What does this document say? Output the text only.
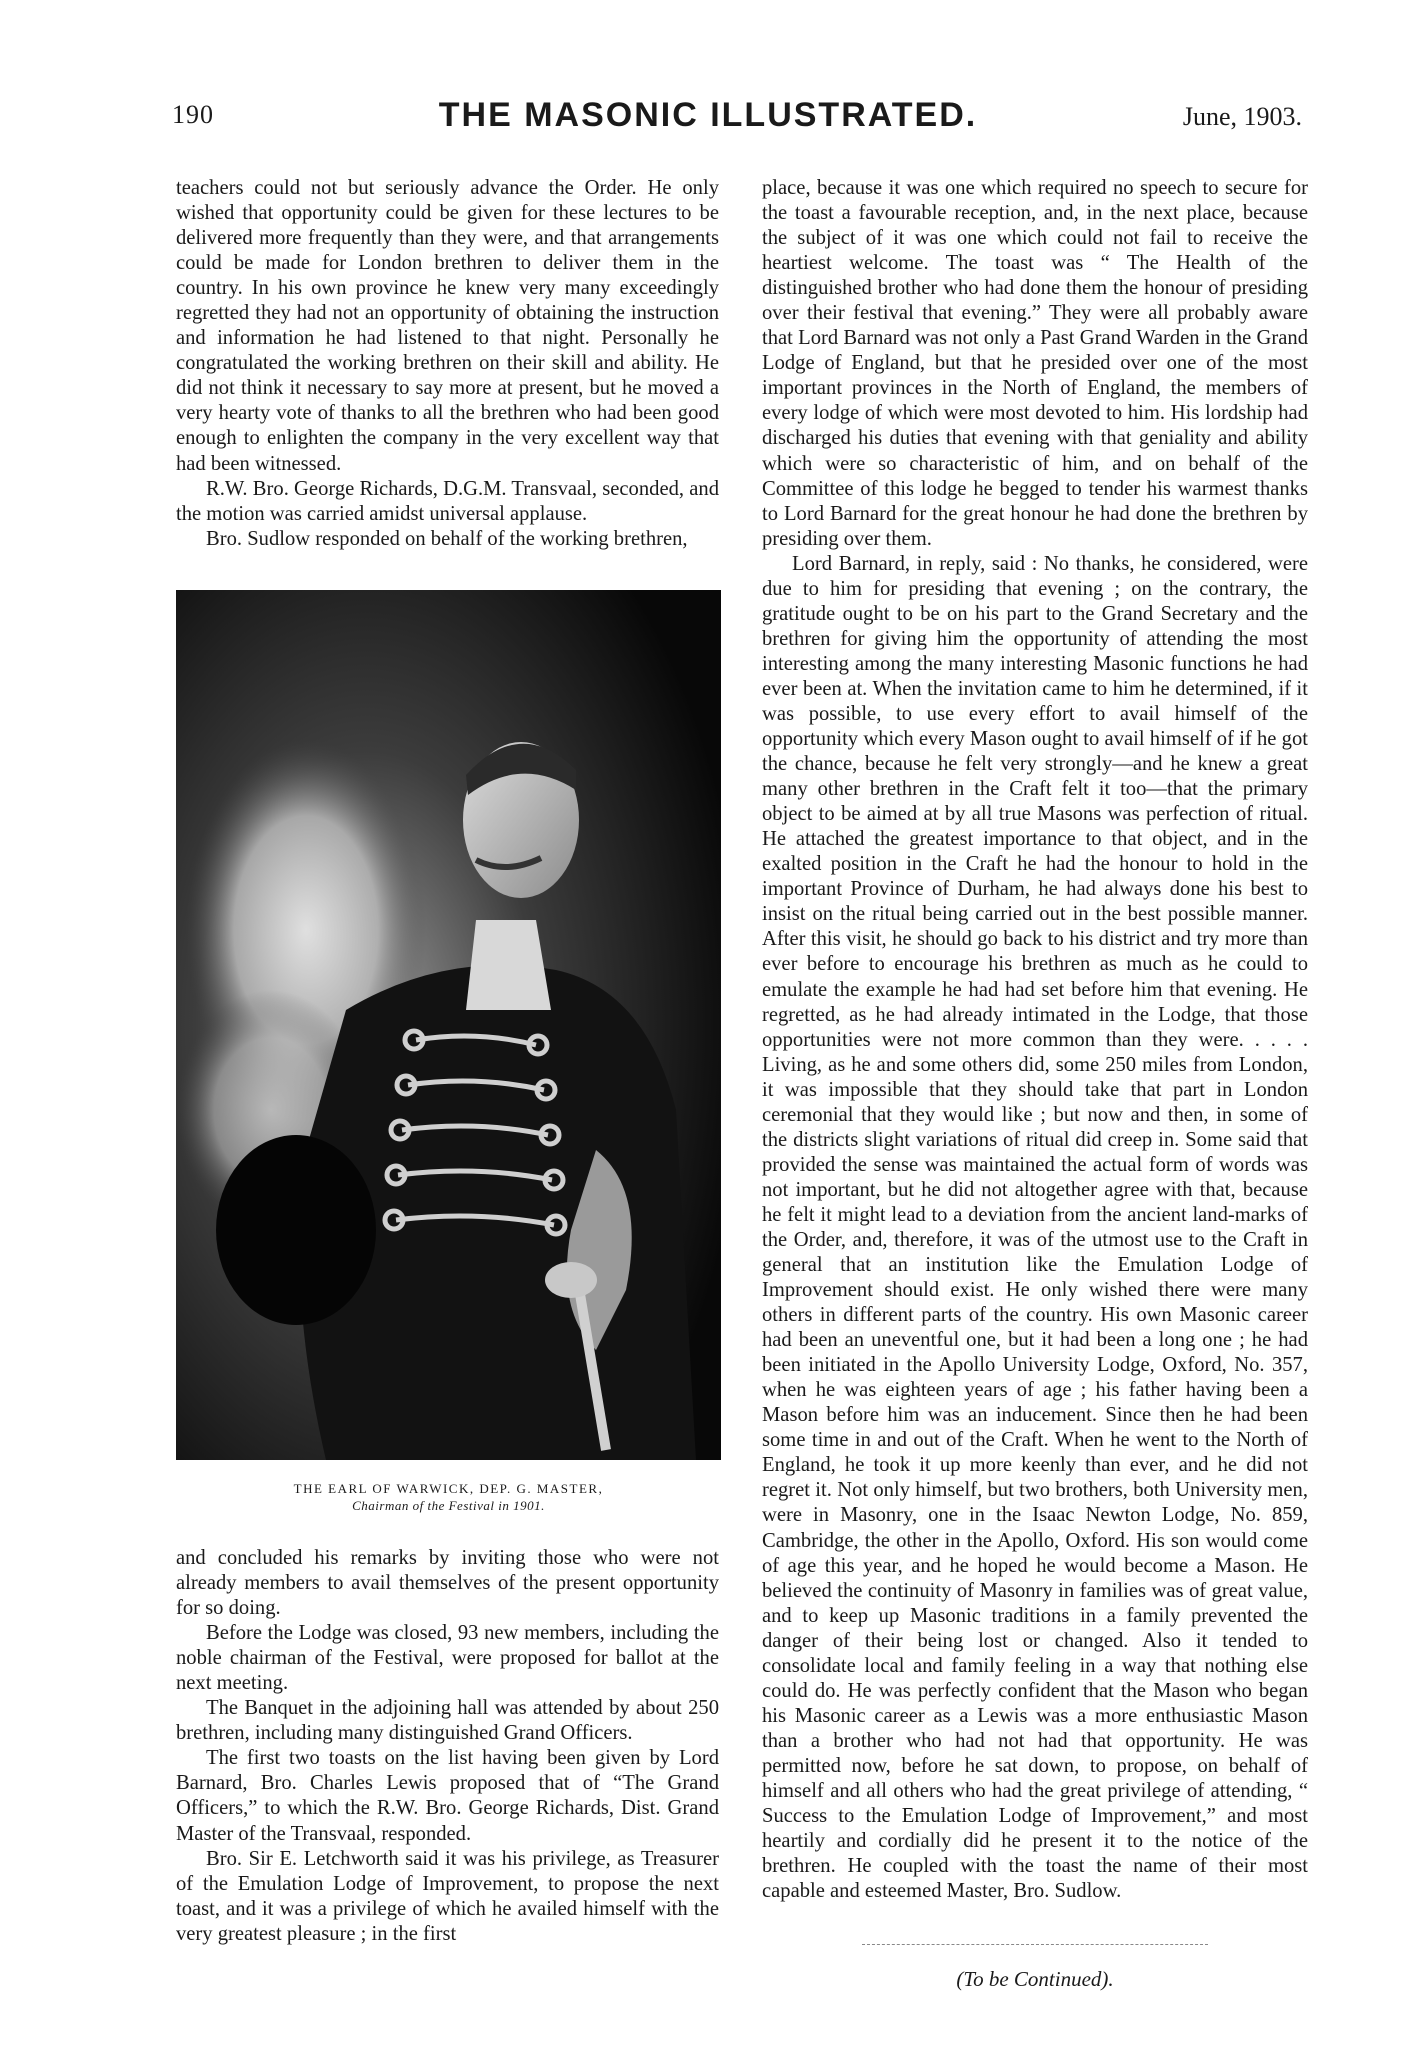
190	THE MASONIC ILLUSTRATED.	June, 1903.

teachers could not but seriously advance the Order. He only wished that opportunity could be given for these lectures to be delivered more frequently than they were, and that arrangements could be made for London brethren to deliver them in the country. In his own province he knew very many exceedingly regretted they had not an opportunity of obtaining the instruction and information he had listened to that night. Personally he congratulated the working brethren on their skill and ability. He did not think it necessary to say more at present, but he moved a very hearty vote of thanks to all the brethren who had been good enough to enlighten the company in the very excellent way that had been witnessed.

R.W. Bro. George Richards, D.G.M. Transvaal, seconded, and the motion was carried amidst universal applause.

Bro. Sudlow responded on behalf of the working brethren,

THE EARL OF WARWICK, DEP. G. MASTER,
Chairman of the Festival in 1901.

and concluded his remarks by inviting those who were not already members to avail themselves of the present opportunity for so doing.

Before the Lodge was closed, 93 new members, including the noble chairman of the Festival, were proposed for ballot at the next meeting.

The Banquet in the adjoining hall was attended by about 250 brethren, including many distinguished Grand Officers.

The first two toasts on the list having been given by Lord Barnard, Bro. Charles Lewis proposed that of “The Grand Officers,” to which the R.W. Bro. George Richards, Dist. Grand Master of the Transvaal, responded.

Bro. Sir E. Letchworth said it was his privilege, as Treasurer of the Emulation Lodge of Improvement, to propose the next toast, and it was a privilege of which he availed himself with the very greatest pleasure ; in the first

place, because it was one which required no speech to secure for the toast a favourable reception, and, in the next place, because the subject of it was one which could not fail to receive the heartiest welcome. The toast was “ The Health of the distinguished brother who had done them the honour of presiding over their festival that evening.” They were all probably aware that Lord Barnard was not only a Past Grand Warden in the Grand Lodge of England, but that he presided over one of the most important provinces in the North of England, the members of every lodge of which were most devoted to him. His lordship had discharged his duties that evening with that geniality and ability which were so characteristic of him, and on behalf of the Committee of this lodge he begged to tender his warmest thanks to Lord Barnard for the great honour he had done the brethren by presiding over them.

Lord Barnard, in reply, said : No thanks, he considered, were due to him for presiding that evening ; on the contrary, the gratitude ought to be on his part to the Grand Secretary and the brethren for giving him the opportunity of attending the most interesting among the many interesting Masonic functions he had ever been at. When the invitation came to him he determined, if it was possible, to use every effort to avail himself of the opportunity which every Mason ought to avail himself of if he got the chance, because he felt very strongly—and he knew a great many other brethren in the Craft felt it too—that the primary object to be aimed at by all true Masons was perfection of ritual. He attached the greatest importance to that object, and in the exalted position in the Craft he had the honour to hold in the important Province of Durham, he had always done his best to insist on the ritual being carried out in the best possible manner. After this visit, he should go back to his district and try more than ever before to encourage his brethren as much as he could to emulate the example he had had set before him that evening. He regretted, as he had already intimated in the Lodge, that those opportunities were not more common than they were. . . . . Living, as he and some others did, some 250 miles from London, it was impossible that they should take that part in London ceremonial that they would like ; but now and then, in some of the districts slight variations of ritual did creep in. Some said that provided the sense was maintained the actual form of words was not important, but he did not altogether agree with that, because he felt it might lead to a deviation from the ancient land-marks of the Order, and, therefore, it was of the utmost use to the Craft in general that an institution like the Emulation Lodge of Improvement should exist. He only wished there were many others in different parts of the country. His own Masonic career had been an uneventful one, but it had been a long one ; he had been initiated in the Apollo University Lodge, Oxford, No. 357, when he was eighteen years of age ; his father having been a Mason before him was an inducement. Since then he had been some time in and out of the Craft. When he went to the North of England, he took it up more keenly than ever, and he did not regret it. Not only himself, but two brothers, both University men, were in Masonry, one in the Isaac Newton Lodge, No. 859, Cambridge, the other in the Apollo, Oxford. His son would come of age this year, and he hoped he would become a Mason. He believed the continuity of Masonry in families was of great value, and to keep up Masonic traditions in a family prevented the danger of their being lost or changed. Also it tended to consolidate local and family feeling in a way that nothing else could do. He was perfectly confident that the Mason who began his Masonic career as a Lewis was a more enthusiastic Mason than a brother who had not had that opportunity. He was permitted now, before he sat down, to propose, on behalf of himself and all others who had the great privilege of attending, “ Success to the Emulation Lodge of Improvement,” and most heartily and cordially did he present it to the notice of the brethren. He coupled with the toast the name of their most capable and esteemed Master, Bro. Sudlow.

(To be Continued).
